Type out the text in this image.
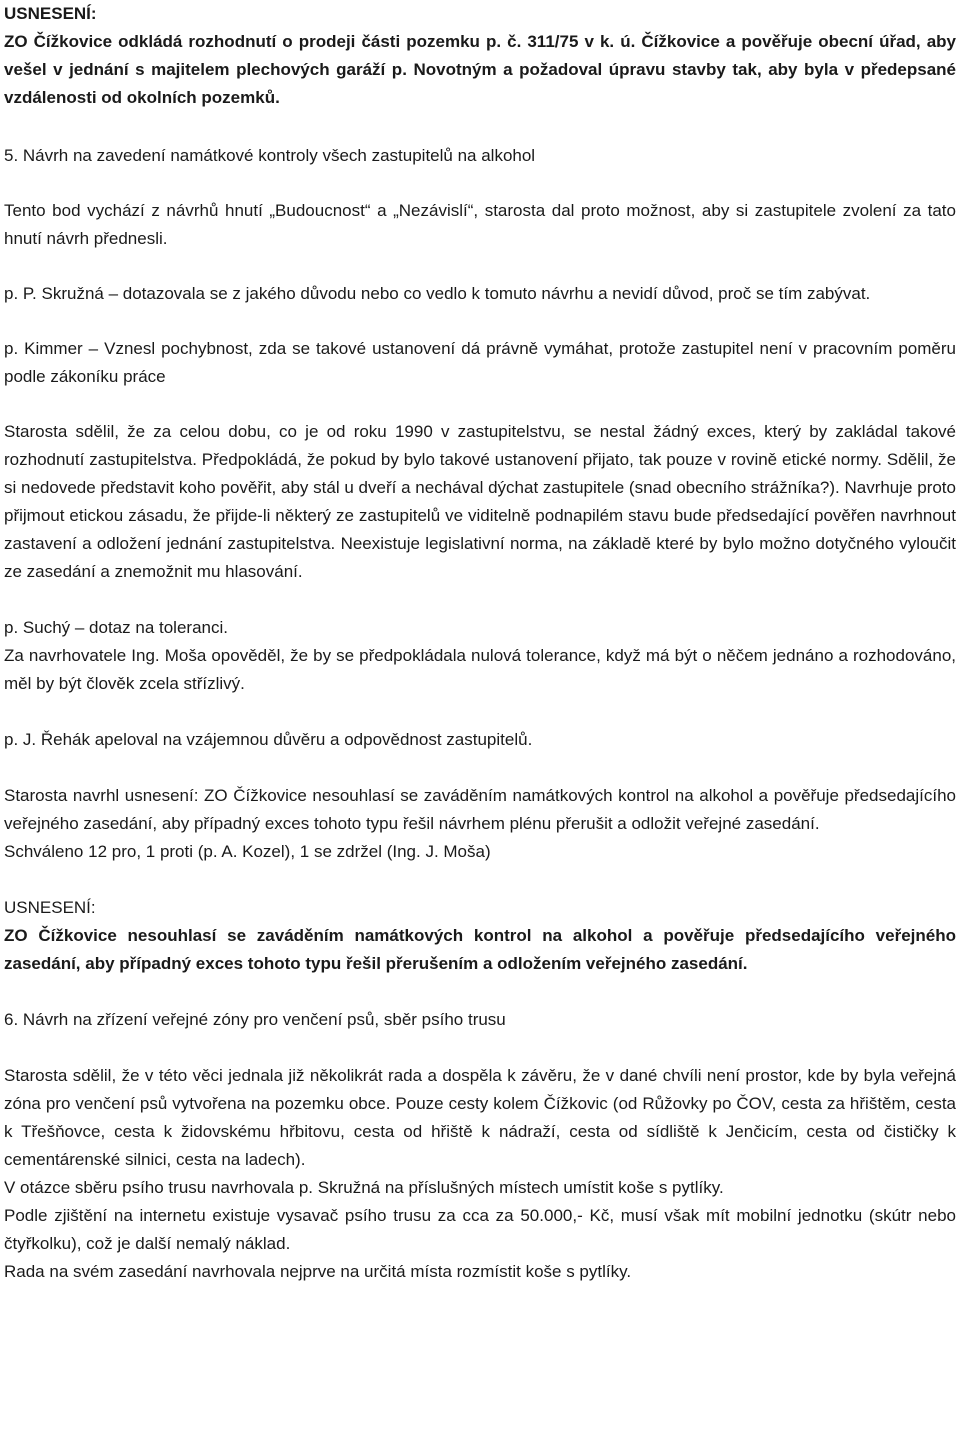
USNESENÍ:

ZO Čížkovice odkládá rozhodnutí o prodeji části pozemku p. č. 311/75 v k. ú. Čížkovice a pověřuje obecní úřad, aby vešel v jednání s majitelem plechových garáží p. Novotným a požadoval úpravu stavby tak, aby byla v předepsané vzdálenosti od okolních pozemků.

5. Návrh na zavedení namátkové kontroly všech zastupitelů na alkohol

Tento bod vychází z návrhů hnutí „Budoucnost“ a „Nezávislí“, starosta dal proto možnost, aby si zastupitele zvolení za tato hnutí návrh přednesli.

p. P. Skružná – dotazovala se z jakého důvodu nebo co vedlo k tomuto návrhu a nevidí důvod, proč se tím zabývat.

p. Kimmer – Vznesl pochybnost, zda se takové ustanovení dá právně vymáhat, protože zastupitel není v pracovním poměru podle zákoníku práce

Starosta sdělil, že za celou dobu, co je od roku 1990 v zastupitelstvu, se nestal žádný exces, který by zakládal takové rozhodnutí zastupitelstva. Předpokládá, že pokud by bylo takové ustanovení přijato, tak pouze v rovině etické normy. Sdělil, že si nedovede představit koho pověřit, aby stál u dveří a nechával dýchat zastupitele (snad obecního strážníka?). Navrhuje proto přijmout etickou zásadu, že přijde-li některý ze zastupitelů ve viditelně podnapilém stavu bude předsedající pověřen navrhnout zastavení a odložení jednání zastupitelstva. Neexistuje legislativní norma, na základě které by bylo možno dotyčného vyloučit ze zasedání a znemožnit mu hlasování.

p. Suchý – dotaz na toleranci.

Za navrhovatele Ing. Moša opověděl, že by se předpokládala nulová tolerance, když má být o něčem jednáno a rozhodováno, měl by být člověk zcela střízlivý.

p. J. Řehák apeloval na vzájemnou důvěru a odpovědnost zastupitelů.

Starosta navrhl usnesení: ZO Čížkovice nesouhlasí se zaváděním namátkových kontrol na alkohol a pověřuje předsedajícího veřejného zasedání, aby případný exces tohoto typu řešil návrhem plénu přerušit a odložit veřejné zasedání.

Schváleno 12 pro, 1 proti (p. A. Kozel), 1 se zdržel (Ing. J. Moša)

USNESENÍ:

ZO Čížkovice nesouhlasí se zaváděním namátkových kontrol na alkohol a pověřuje předsedajícího veřejného zasedání, aby případný exces tohoto typu řešil přerušením a odložením veřejného zasedání.

6. Návrh na zřízení veřejné zóny pro venčení psů, sběr psího trusu

Starosta sdělil, že v této věci jednala již několikrát rada a dospěla k závěru, že v dané chvíli není prostor, kde by byla veřejná zóna pro venčení psů vytvořena na pozemku obce. Pouze cesty kolem Čížkovic (od Růžovky po ČOV, cesta za hřištěm, cesta k Třešňovce, cesta k židovskému hřbitovu, cesta od hřiště k nádraží, cesta od sídliště k Jenčicím, cesta od čističky k cementárenské silnici, cesta na ladech).

V otázce sběru psího trusu navrhovala p. Skružná na příslušných místech umístit koše s pytlíky.

Podle zjištění na internetu existuje vysavač psího trusu za cca za 50.000,- Kč, musí však mít mobilní jednotku (skútr nebo čtyřkolku), což je další nemalý náklad.

Rada na svém zasedání navrhovala nejprve na určitá místa rozmístit koše s pytlíky.
